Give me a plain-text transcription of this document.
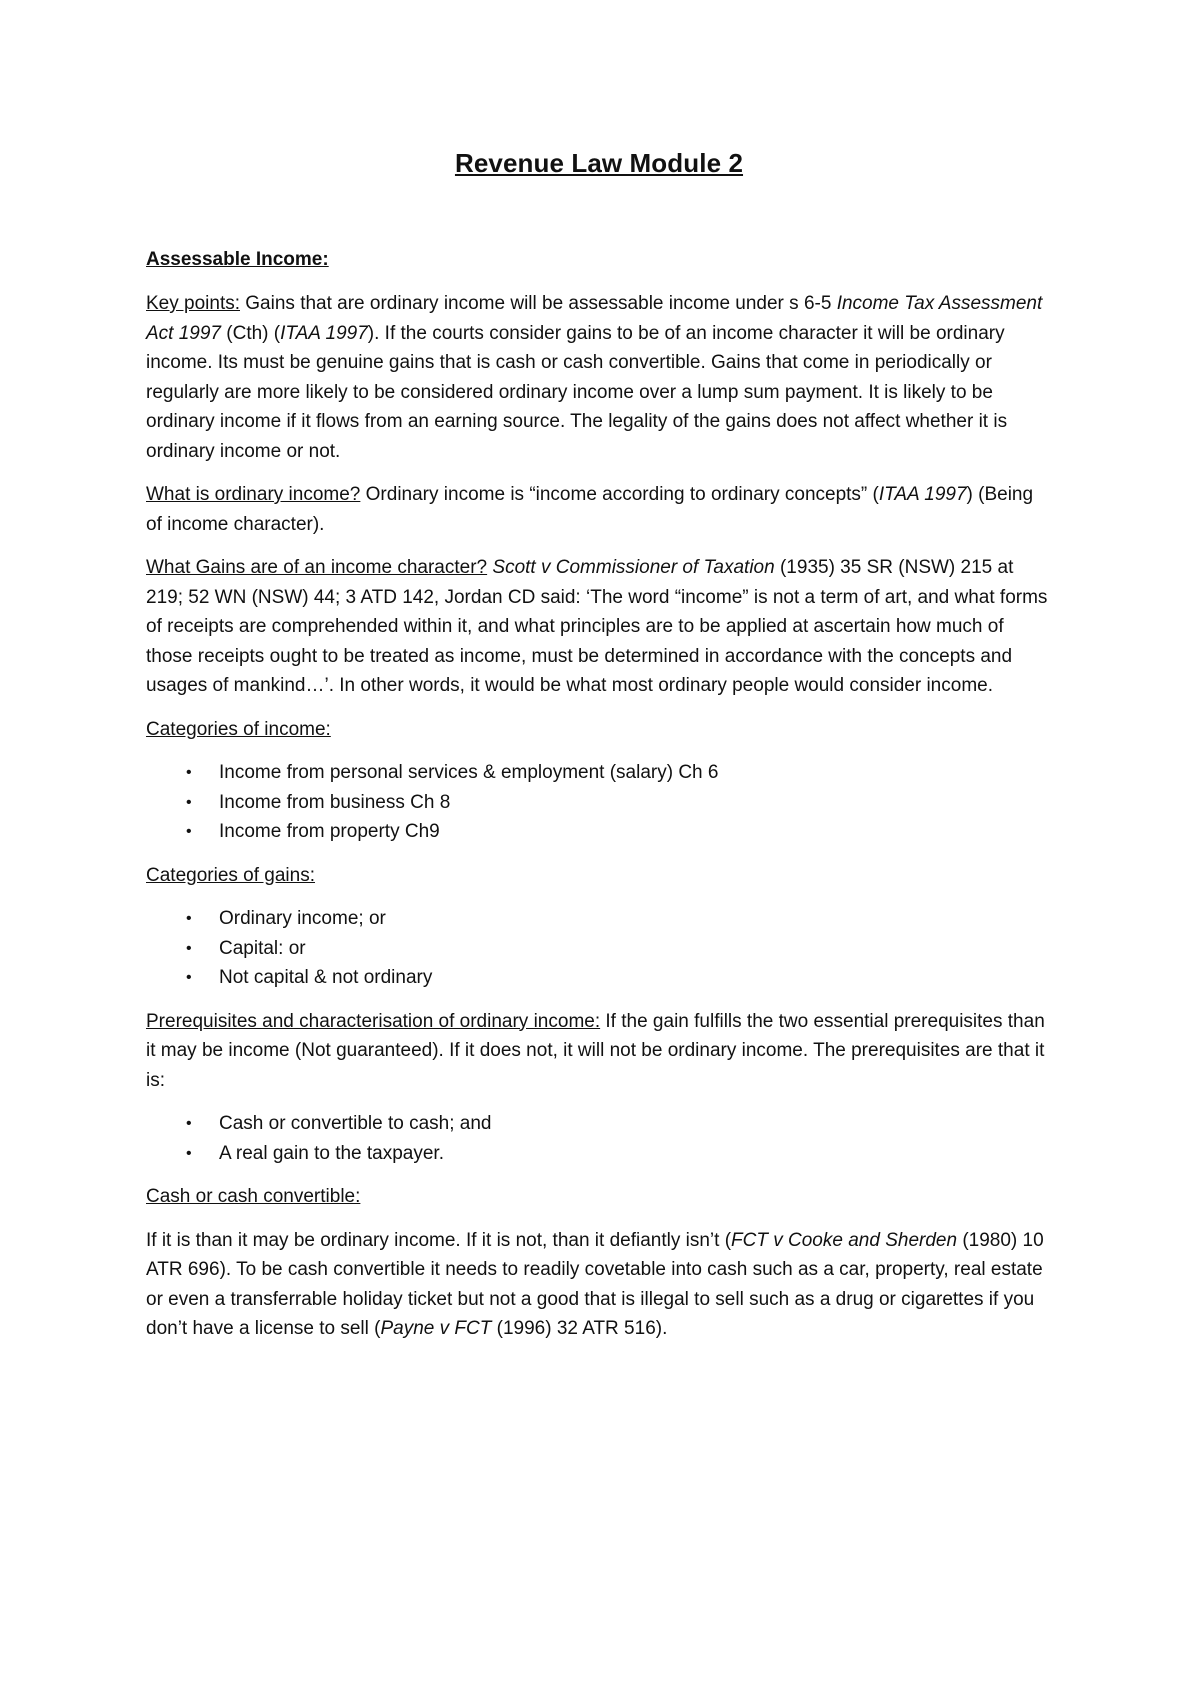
Revenue Law Module 2
Assessable Income:

Key points: Gains that are ordinary income will be assessable income under s 6-5 Income Tax Assessment Act 1997 (Cth) (ITAA 1997). If the courts consider gains to be of an income character it will be ordinary income. Its must be genuine gains that is cash or cash convertible. Gains that come in periodically or regularly are more likely to be considered ordinary income over a lump sum payment. It is likely to be ordinary income if it flows from an earning source. The legality of the gains does not affect whether it is ordinary income or not.

What is ordinary income? Ordinary income is “income according to ordinary concepts” (ITAA 1997) (Being of income character).

What Gains are of an income character? Scott v Commissioner of Taxation (1935) 35 SR (NSW) 215 at 219; 52 WN (NSW) 44; 3 ATD 142, Jordan CD said: ‘The word “income” is not a term of art, and what forms of receipts are comprehended within it, and what principles are to be applied at ascertain how much of those receipts ought to be treated as income, must be determined in accordance with the concepts and usages of mankind…’. In other words, it would be what most ordinary people would consider income.

Categories of income:

• Income from personal services & employment (salary) Ch 6
• Income from business Ch 8
• Income from property Ch9

Categories of gains:

• Ordinary income; or
• Capital: or
• Not capital & not ordinary

Prerequisites and characterisation of ordinary income: If the gain fulfills the two essential prerequisites than it may be income (Not guaranteed). If it does not, it will not be ordinary income. The prerequisites are that it is:

• Cash or convertible to cash; and
• A real gain to the taxpayer.

Cash or cash convertible:

If it is than it may be ordinary income. If it is not, than it defiantly isn’t (FCT v Cooke and Sherden (1980) 10 ATR 696). To be cash convertible it needs to readily covetable into cash such as a car, property, real estate or even a transferrable holiday ticket but not a good that is illegal to sell such as a drug or cigarettes if you don’t have a license to sell (Payne v FCT (1996) 32 ATR 516).
